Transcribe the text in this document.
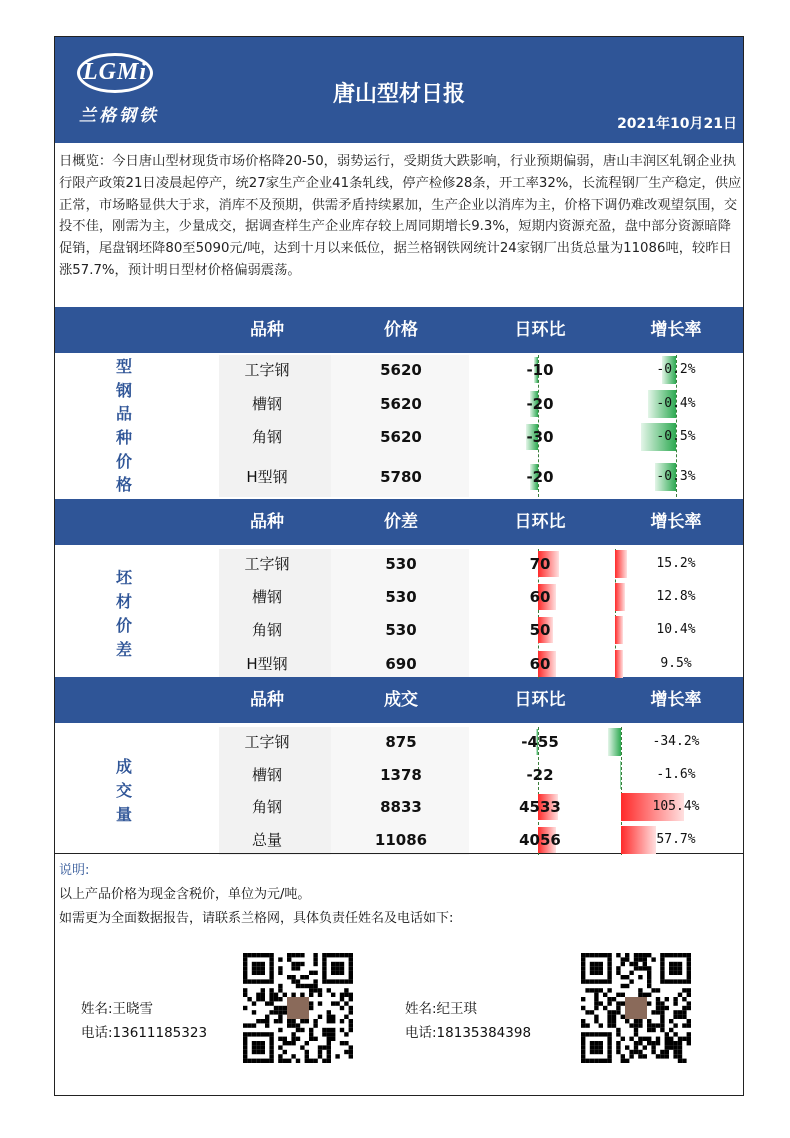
LGMi
兰格钢铁
唐山型材日报
2021年10月21日
日概览：今日唐山型材现货市场价格降20-50，弱势运行，受期货大跌影响，行业预期偏弱，唐山丰润区轧钢企业执行限产政策21日凌晨起停产，统27家生产企业41条轧线，停产检修28条，开工率32%，长流程钢厂生产稳定，供应正常，市场略显供大于求，消库不及预期，供需矛盾持续累加，生产企业以消库为主，价格下调仍难改观望氛围，交投不佳，刚需为主，少量成交，据调查样生产企业库存较上周同期增长9.3%，短期内资源充盈，盘中部分资源暗降促销，尾盘钢坯降80至5090元/吨，达到十月以来低位，据兰格钢铁网统计24家钢厂出货总量为11086吨，较昨日涨57.7%，预计明日型材价格偏弱震荡。
品种	价格	日环比	增长率
型
钢
品
种
价
格
工字钢	5620	-10	-0.2%
槽钢	5620	-20	-0.4%
角钢	5620	-30	-0.5%
H型钢	5780	-20	-0.3%
品种	价差	日环比	增长率
坯
材
价
差
工字钢	530	70	15.2%
槽钢	530	60	12.8%
角钢	530	50	10.4%
H型钢	690	60	9.5%
品种	成交	日环比	增长率
成
交
量
工字钢	875	-455	-34.2%
槽钢	1378	-22	-1.6%
角钢	8833	4533	105.4%
总量	11086	4056	57.7%
说明:
以上产品价格为现金含税价，单位为元/吨。
如需更为全面数据报告，请联系兰格网，具体负责任姓名及电话如下:
姓名:王晓雪
电话:13611185323
姓名:纪王琪
电话:18135384398
